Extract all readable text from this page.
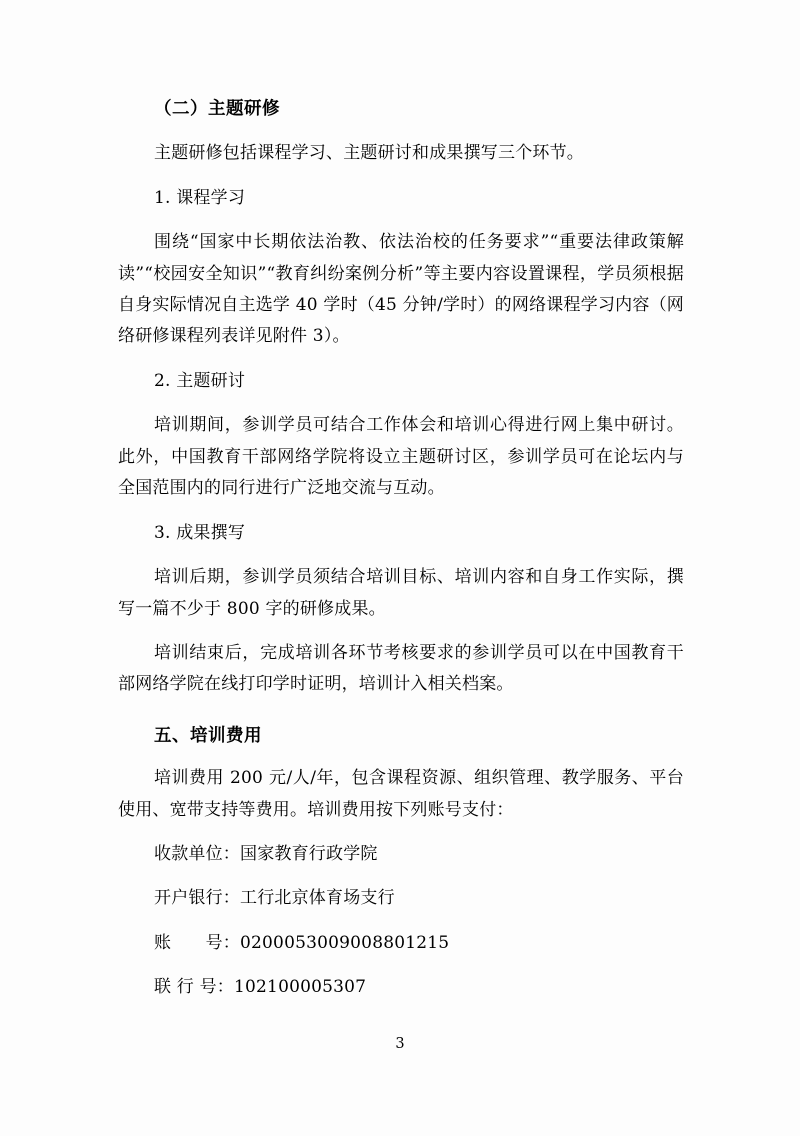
（二）主题研修

主题研修包括课程学习、主题研讨和成果撰写三个环节。

1. 课程学习

围绕“国家中长期依法治教、依法治校的任务要求”“重要法律政策解读”“校园安全知识”“教育纠纷案例分析”等主要内容设置课程，学员须根据自身实际情况自主选学 40 学时（45 分钟/学时）的网络课程学习内容（网络研修课程列表详见附件 3）。

2. 主题研讨

培训期间，参训学员可结合工作体会和培训心得进行网上集中研讨。此外，中国教育干部网络学院将设立主题研讨区，参训学员可在论坛内与全国范围内的同行进行广泛地交流与互动。

3. 成果撰写

培训后期，参训学员须结合培训目标、培训内容和自身工作实际，撰写一篇不少于 800 字的研修成果。

培训结束后，完成培训各环节考核要求的参训学员可以在中国教育干部网络学院在线打印学时证明，培训计入相关档案。

五、培训费用

培训费用 200 元/人/年，包含课程资源、组织管理、教学服务、平台使用、宽带支持等费用。培训费用按下列账号支付：

收款单位：国家教育行政学院

开户银行：工行北京体育场支行

账　　号：0200053009008801215

联 行 号：102100005307

3
